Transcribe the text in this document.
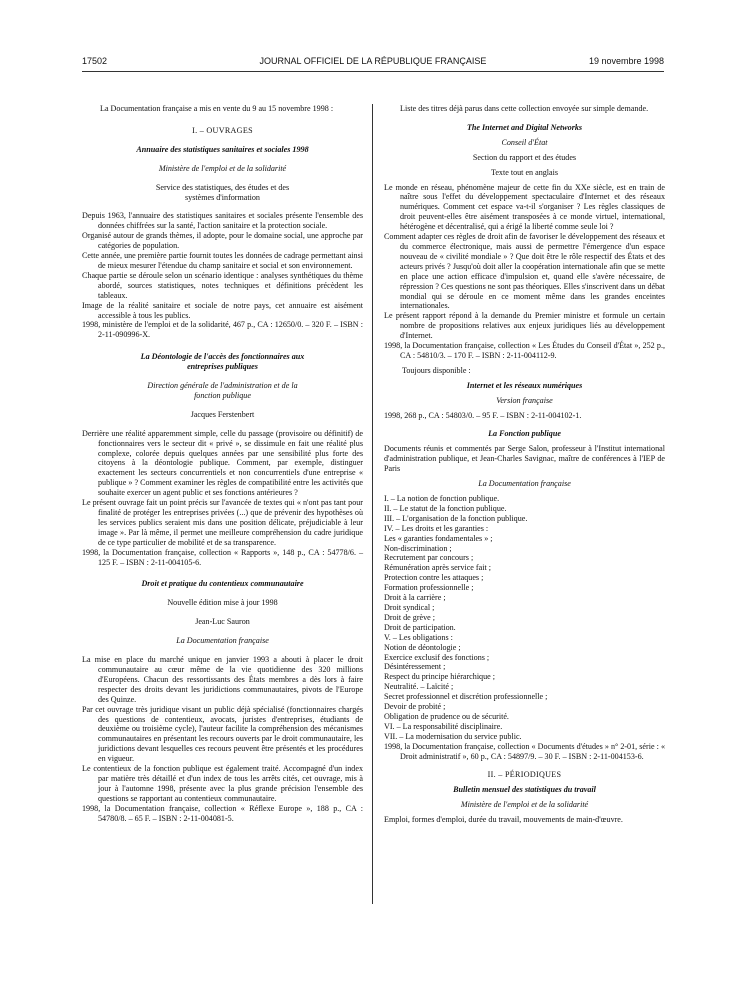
17502	JOURNAL OFFICIEL DE LA RÉPUBLIQUE FRANÇAISE	19 novembre 1998

La Documentation française a mis en vente du 9 au 15 novembre 1998 :

I. – OUVRAGES

Annuaire des statistiques sanitaires et sociales 1998

Ministère de l'emploi et de la solidarité

Service des statistiques, des études et des systèmes d'information

Depuis 1963, l'annuaire des statistiques sanitaires et sociales présente l'ensemble des données chiffrées sur la santé, l'action sanitaire et la protection sociale.

Organisé autour de grands thèmes, il adopte, pour le domaine social, une approche par catégories de population.

Cette année, une première partie fournit toutes les données de cadrage permettant ainsi de mieux mesurer l'étendue du champ sanitaire et social et son environnement.

Chaque partie se déroule selon un scénario identique : analyses synthétiques du thème abordé, sources statistiques, notes techniques et définitions précèdent les tableaux.

Image de la réalité sanitaire et sociale de notre pays, cet annuaire est aisément accessible à tous les publics.

1998, ministère de l'emploi et de la solidarité, 467 p., CA : 12650/0. – 320 F. – ISBN : 2-11-090996-X.

La Déontologie de l'accès des fonctionnaires aux entreprises publiques

Direction générale de l'administration et de la fonction publique

Jacques Ferstenbert

Derrière une réalité apparemment simple, celle du passage (provisoire ou définitif) de fonctionnaires vers le secteur dit « privé », se dissimule en fait une réalité plus complexe, colorée depuis quelques années par une sensibilité plus forte des citoyens à la déontologie publique. Comment, par exemple, distinguer exactement les secteurs concurrentiels et non concurrentiels d'une entreprise « publique » ? Comment examiner les règles de compatibilité entre les activités que souhaite exercer un agent public et ses fonctions antérieures ?

Le présent ouvrage fait un point précis sur l'avancée de textes qui « n'ont pas tant pour finalité de protéger les entreprises privées (...) que de prévenir des hypothèses où les services publics seraient mis dans une position délicate, préjudiciable à leur image ». Par là même, il permet une meilleure compréhension du cadre juridique de ce type particulier de mobilité et de sa transparence.

1998, la Documentation française, collection « Rapports », 148 p., CA : 54778/6. – 125 F. – ISBN : 2-11-004105-6.

Droit et pratique du contentieux communautaire

Nouvelle édition mise à jour 1998

Jean-Luc Sauron

La Documentation française

La mise en place du marché unique en janvier 1993 a abouti à placer le droit communautaire au cœur même de la vie quotidienne des 320 millions d'Européens. Chacun des ressortissants des États membres a dès lors à faire respecter des droits devant les juridictions communautaires, pivots de l'Europe des Quinze.

Par cet ouvrage très juridique visant un public déjà spécialisé (fonctionnaires chargés des questions de contentieux, avocats, juristes d'entreprises, étudiants de deuxième ou troisième cycle), l'auteur facilite la compréhension des mécanismes communautaires en présentant les recours ouverts par le droit communautaire, les juridictions devant lesquelles ces recours peuvent être présentés et les procédures en vigueur.

Le contentieux de la fonction publique est également traité. Accompagné d'un index par matière très détaillé et d'un index de tous les arrêts cités, cet ouvrage, mis à jour à l'automne 1998, présente avec la plus grande précision l'ensemble des questions se rapportant au contentieux communautaire.

1998, la Documentation française, collection « Réflexe Europe », 188 p., CA : 54780/8. – 65 F. – ISBN : 2-11-004081-5.

Liste des titres déjà parus dans cette collection envoyée sur simple demande.

The Internet and Digital Networks

Conseil d'État

Section du rapport et des études

Texte tout en anglais

Le monde en réseau, phénomène majeur de cette fin du XXe siècle, est en train de naître sous l'effet du développement spectaculaire d'Internet et des réseaux numériques. Comment cet espace va-t-il s'organiser ? Les règles classiques de droit peuvent-elles être aisément transposées à ce monde virtuel, international, hétérogène et décentralisé, qui a érigé la liberté comme seule loi ?

Comment adapter ces règles de droit afin de favoriser le développement des réseaux et du commerce électronique, mais aussi de permettre l'émergence d'un espace nouveau de « civilité mondiale » ? Que doit être le rôle respectif des États et des acteurs privés ? Jusqu'où doit aller la coopération internationale afin que se mette en place une action efficace d'impulsion et, quand elle s'avère nécessaire, de répression ? Ces questions ne sont pas théoriques. Elles s'inscrivent dans un débat mondial qui se déroule en ce moment même dans les grandes enceintes internationales.

Le présent rapport répond à la demande du Premier ministre et formule un certain nombre de propositions relatives aux enjeux juridiques liés au développement d'Internet.

1998, la Documentation française, collection « Les Études du Conseil d'État », 252 p., CA : 54810/3. – 170 F. – ISBN : 2-11-004112-9.

Toujours disponible :

Internet et les réseaux numériques

Version française

1998, 268 p., CA : 54803/0. – 95 F. – ISBN : 2-11-004102-1.

La Fonction publique

Documents réunis et commentés par Serge Salon, professeur à l'Institut international d'administration publique, et Jean-Charles Savignac, maître de conférences à l'IEP de Paris

La Documentation française

I. – La notion de fonction publique.

II. – Le statut de la fonction publique.

III. – L'organisation de la fonction publique.

IV. – Les droits et les garanties :

Les « garanties fondamentales » ;

Non-discrimination ;

Recrutement par concours ;

Rémunération après service fait ;

Protection contre les attaques ;

Formation professionnelle ;

Droit à la carrière ;

Droit syndical ;

Droit de grève ;

Droit de participation.

V. – Les obligations :

Notion de déontologie ;

Exercice exclusif des fonctions ;

Désintéressement ;

Respect du principe hiérarchique ;

Neutralité. – Laïcité ;

Secret professionnel et discrétion professionnelle ;

Devoir de probité ;

Obligation de prudence ou de sécurité.

VI. – La responsabilité disciplinaire.

VII. – La modernisation du service public.

1998, la Documentation française, collection « Documents d'études » n° 2-01, série : « Droit administratif », 60 p., CA : 54897/9. – 30 F. – ISBN : 2-11-004153-6.

II. – PÉRIODIQUES

Bulletin mensuel des statistiques du travail

Ministère de l'emploi et de la solidarité

Emploi, formes d'emploi, durée du travail, mouvements de main-d'œuvre.
